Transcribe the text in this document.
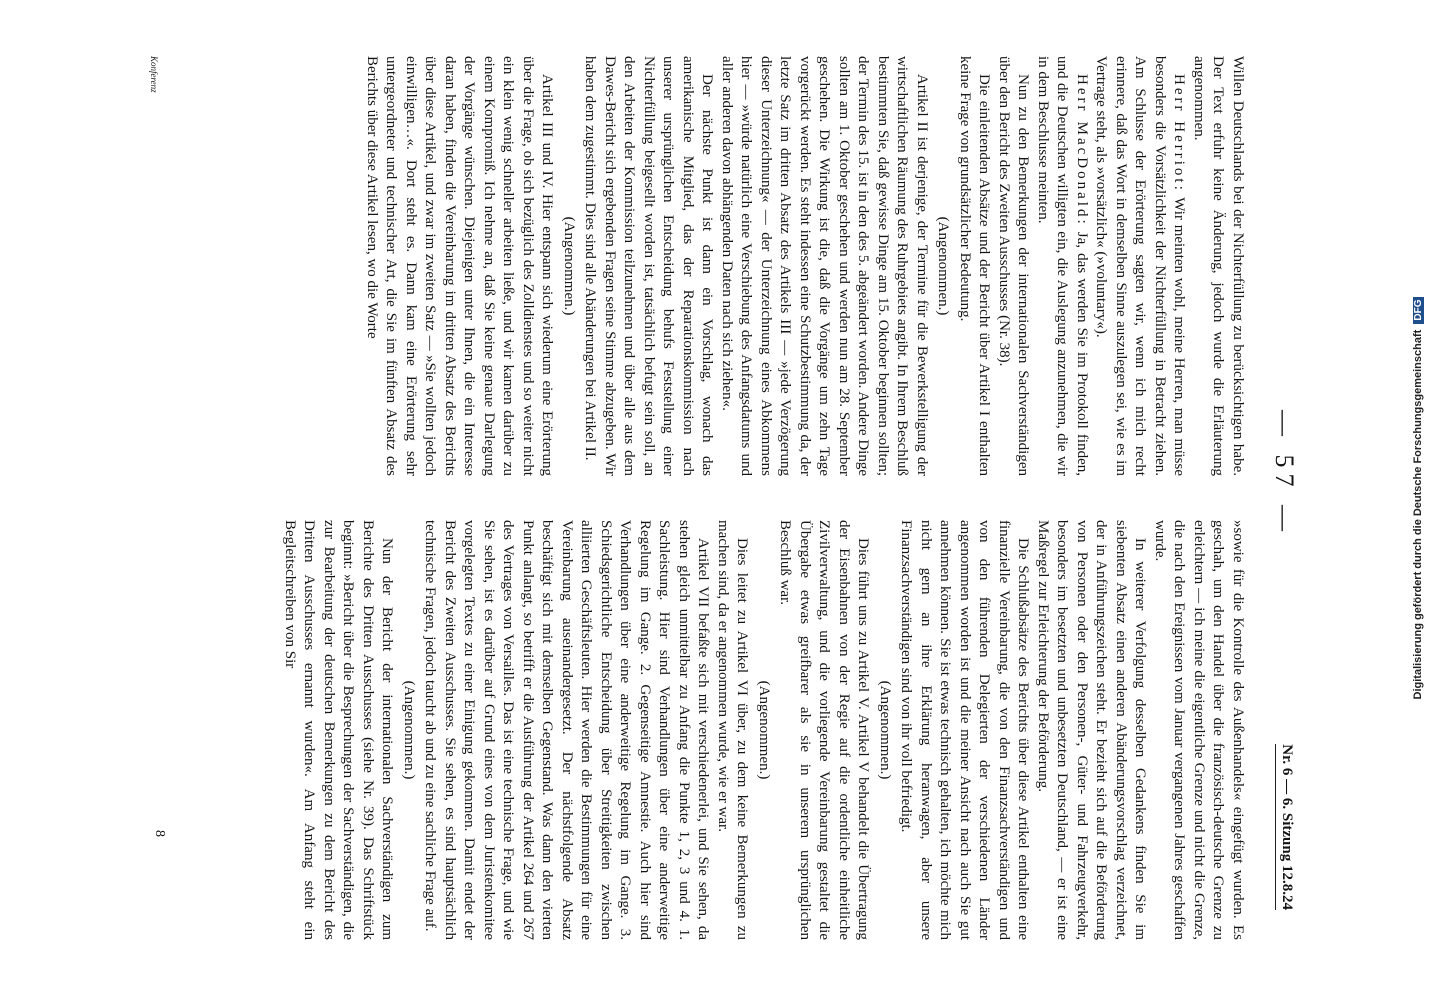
— 57 —
Nr. 6 — 6. Sitzung 12.8.24

Willen Deutschlands bei der Nichterfüllung zu berücksichtigen habe. Der Text erfuhr keine Änderung, jedoch wurde die Erläuterung angenommen.

Herr Herriot: Wir meinten wohl, meine Herren, man müsse besonders die Vorsätzlichkeit der Nichterfüllung in Betracht ziehen. Am Schlusse der Erörterung sagten wir, wenn ich mich recht erinnere, daß das Wort in demselben Sinne auszulegen sei, wie es im Vertrage steht, als »vorsätzlich« (»voluntary«).

Herr MacDonald: Ja, das werden Sie im Protokoll finden, und die Deutschen willigten ein, die Auslegung anzunehmen, die wir in dem Beschlusse meinten.

Nun zu den Bemerkungen der internationalen Sachverständigen über den Bericht des Zweiten Ausschusses (Nr. 38).

Die einleitenden Absätze und der Bericht über Artikel I enthalten keine Frage von grundsätzlicher Bedeutung.

(Angenommen.)

Artikel II ist derjenige, der Termine für die Bewerkstelligung der wirtschaftlichen Räumung des Ruhrgebiets angibt. In Ihrem Beschluß bestimmten Sie, daß gewisse Dinge am 15. Oktober beginnen sollten; der Termin des 15. ist in den des 5. abgeändert worden. Andere Dinge sollten am 1. Oktober geschehen und werden nun am 28. September geschehen. Die Wirkung ist die, daß die Vorgänge um zehn Tage vorgerückt werden. Es steht indessen eine Schutzbestimmung da, der letzte Satz im dritten Absatz des Artikels III — »jede Verzögerung dieser Unterzeichnung« — der Unterzeichnung eines Abkommens hier — »würde natürlich eine Verschiebung des Anfangsdatums und aller anderen davon abhängenden Daten nach sich ziehen«.

Der nächste Punkt ist dann ein Vorschlag, wonach das amerikanische Mitglied, das der Reparationskommission nach unserer ursprünglichen Entscheidung behufs Feststellung einer Nichterfüllung beigesellt worden ist, tatsächlich befugt sein soll, an den Arbeiten der Kommission teilzunehmen und über alle aus dem Dawes-Bericht sich ergebenden Fragen seine Stimme abzugeben. Wir haben dem zugestimmt. Dies sind alle Abänderungen bei Artikel II.

(Angenommen.)

Artikel III und IV. Hier entspann sich wiederum eine Erörterung über die Frage, ob sich bezüglich des Zolldienstes und so weiter nicht ein klein wenig schneller arbeiten ließe, und wir kamen darüber zu einem Kompromiß. Ich nehme an, daß Sie keine genaue Darlegung der Vorgänge wünschen. Diejenigen unter Ihnen, die ein Interesse daran haben, finden die Vereinbarung im dritten Absatz des Berichts über diese Artikel, und zwar im zweiten Satz — »Sie wollten jedoch einwilligen…«. Dort steht es. Dann kam eine Erörterung sehr untergeordneter und technischer Art, die Sie im fünften Absatz des Berichts über diese Artikel lesen, wo die Worte

»sowie für die Kontrolle des Außenhandels« eingefügt wurden. Es geschah, um den Handel über die französisch-deutsche Grenze zu erleichtern — ich meine die eigentliche Grenze und nicht die Grenze, die nach den Ereignissen vom Januar vergangenen Jahres geschaffen wurde.

In weiterer Verfolgung desselben Gedankens finden Sie im siebenten Absatz einen anderen Abänderungsvorschlag verzeichnet, der in Anführungszeichen steht. Er bezieht sich auf die Beförderung von Personen oder den Personen-, Güter- und Fahrzeugverkehr, besonders im besetzten und unbesetzten Deutschland, — er ist eine Maßregel zur Erleichterung der Beförderung.

Die Schlußabsätze des Berichts über diese Artikel enthalten eine finanzielle Vereinbarung, die von den Finanzsachverständigen und von den führenden Delegierten der verschiedenen Länder angenommen worden ist und die meiner Ansicht nach auch Sie gut annehmen können. Sie ist etwas technisch gehalten, ich möchte mich nicht gern an ihre Erklärung heranwagen, aber unsere Finanzsachverständigen sind von ihr voll befriedigt.

(Angenommen.)

Dies führt uns zu Artikel V. Artikel V behandelt die Übertragung der Eisenbahnen von der Regie auf die ordentliche einheitliche Zivilverwaltung, und die vorliegende Vereinbarung gestaltet die Übergabe etwas greifbarer als sie in unserem ursprünglichen Beschluß war.

(Angenommen.)

Dies leitet zu Artikel VI über, zu dem keine Bemerkungen zu machen sind, da er angenommen wurde, wie er war.

Artikel VII befaßte sich mit verschiedenerlei, und Sie sehen, da stehen gleich unmittelbar zu Anfang die Punkte 1, 2, 3 und 4. 1. Sachleistung. Hier sind Verhandlungen über eine anderweitige Regelung im Gange. 2. Gegenseitige Amnestie. Auch hier sind Verhandlungen über eine anderweitige Regelung im Gange. 3. Schiedsgerichtliche Entscheidung über Streitigkeiten zwischen alliierten Geschäftsleuten. Hier werden die Bestimmungen für eine Vereinbarung auseinandergesetzt. Der nächstfolgende Absatz beschäftigt sich mit demselben Gegenstand. Was dann den vierten Punkt anlangt, so betrifft er die Ausführung der Artikel 264 und 267 des Vertrages von Versailles. Das ist eine technische Frage, und wie Sie sehen, ist es darüber auf Grund eines von dem Juristenkomitee vorgelegten Textes zu einer Einigung gekommen. Damit endet der Bericht des Zweiten Ausschusses. Sie sehen, es sind hauptsächlich technische Fragen, jedoch taucht ab und zu eine sachliche Frage auf.

(Angenommen.)

Nun der Bericht der internationalen Sachverständigen zum Berichte des Dritten Ausschusses (siehe Nr. 39). Das Schriftstück beginnt: »Bericht über die Besprechungen der Sachverständigen, die zur Bearbeitung der deutschen Bemerkungen zu dem Bericht des Dritten Ausschusses ernannt wurden«. Am Anfang steht ein Begleitschreiben von Sir

Konferenz
8
Digitalisierung gefördert durch die Deutsche Forschungsgemeinschaft DFG
